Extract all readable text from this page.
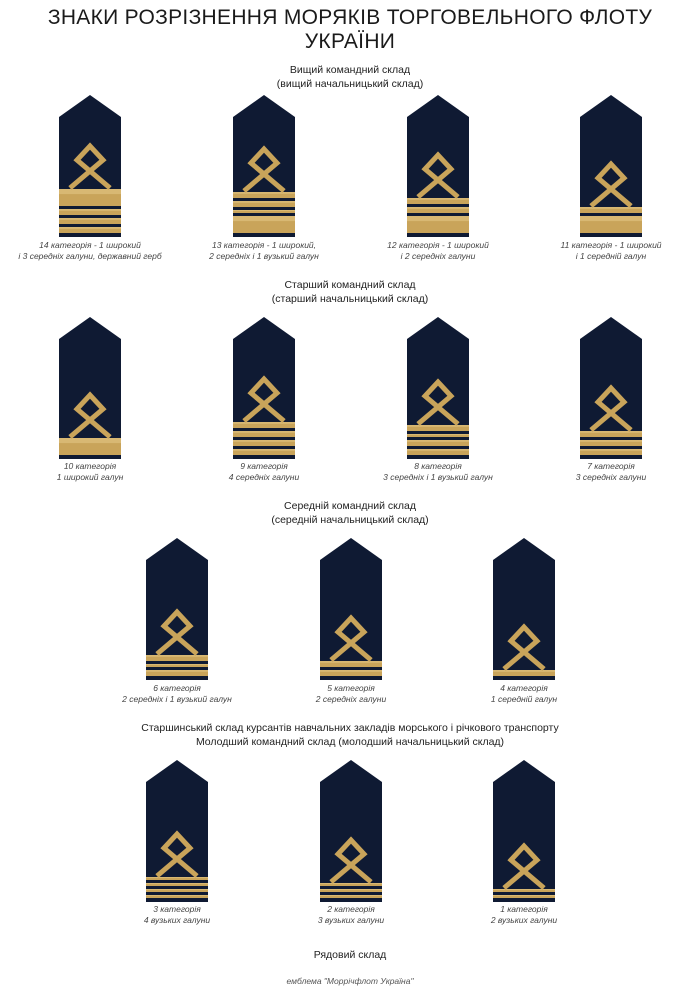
ЗНАКИ РОЗРІЗНЕННЯ МОРЯКІВ ТОРГОВЕЛЬНОГО ФЛОТУ
УКРАЇНИ
Вищий командний склад
(вищий начальницький склад)
Старший командний склад
(старший начальницький склад)
Середній командний склад
(середній начальницький склад)
Старшинський склад курсантів навчальних закладів морського і річкового транспорту
Молодший командний склад (молодший начальницький склад)
Рядовий склад
14 категорія - 1 широкий
і 3 середніх галуни, державний герб
13 категорія - 1 широкий,
2 середніх і 1 вузький галун
12 категорія - 1 широкий
і 2 середніх галуни
11 категорія - 1 широкий
і 1 середній галун
10 категорія
1 широкий галун
9 категорія
4 середніх галуни
8 категорія
3 середніх і 1 вузький галун
7 категорія
3 середніх галуни
6 категорія
2 середніх і 1 вузький галун
5 категорія
2 середніх галуни
4 категорія
1 середній галун
3 категорія
4 вузьких галуни
2 категорія
3 вузьких галуни
1 категорія
2 вузьких галуни
емблема "Моррічфлот Україна"
